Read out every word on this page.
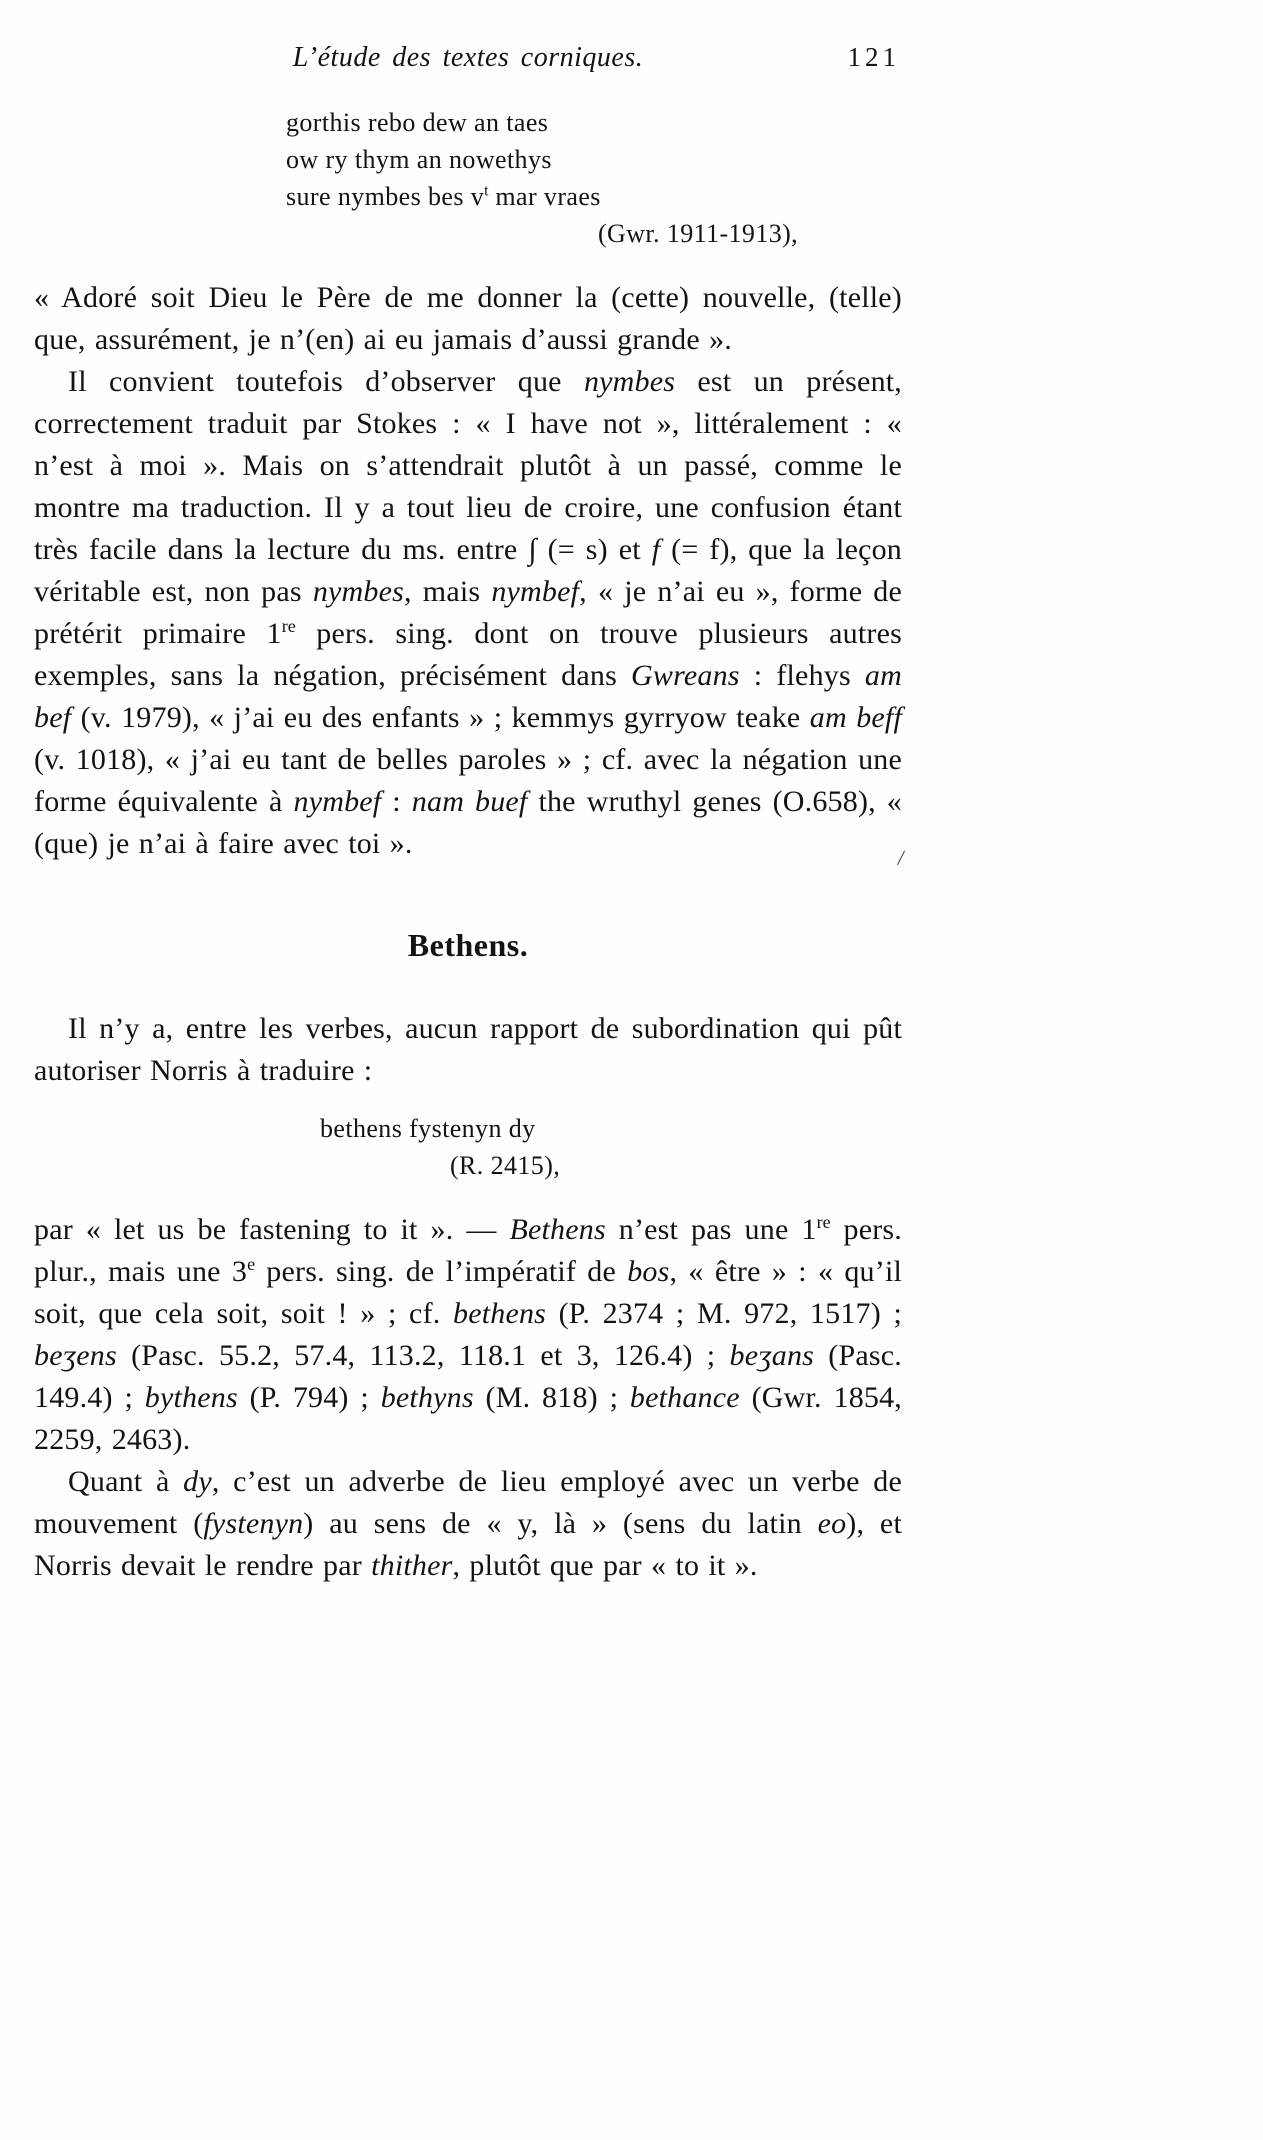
L’étude des textes corniques.	121
gorthis rebo dew an taes
ow ry thym an nowethys
sure nymbes bes $v^t$ mar vraes
(Gwr. 1911-1913),

« Adoré soit Dieu le Père de me donner la (cette) nouvelle, (telle) que, assurément, je n’(en) ai eu jamais d’aussi grande ».

Il convient toutefois d’observer que nymbes est un présent, correctement traduit par Stokes : « I have not », littéralement : « n’est à moi ». Mais on s’attendrait plutôt à un passé, comme le montre ma traduction. Il y a tout lieu de croire, une confusion étant très facile dans la lecture du ms. entre ∫ (= s) et f (= f), que la leçon véritable est, non pas nymbes, mais nymbef, « je n’ai eu », forme de prétérit primaire 1re pers. sing. dont on trouve plusieurs autres exemples, sans la négation, précisément dans Gwreans : flehys am bef (v. 1979), « j’ai eu des enfants » ; kemmys gyrryow teake am beff (v. 1018), « j’ai eu tant de belles paroles » ; cf. avec la négation une forme équivalente à nymbef : nam buef the wruthyl genes (O.658), « (que) je n’ai à faire avec toi ».

Bethens.

Il n’y a, entre les verbes, aucun rapport de subordination qui pût autoriser Norris à traduire :

bethens fystenyn dy
(R. 2415),

par « let us be fastening to it ». — Bethens n’est pas une 1re pers. plur., mais une 3e pers. sing. de l’impératif de bos, « être » : « qu’il soit, que cela soit, soit ! » ; cf. bethens (P. 2374 ; M. 972, 1517) ; beʒens (Pasc. 55.2, 57.4, 113.2, 118.1 et 3, 126.4) ; beʒans (Pasc. 149.4) ; bythens (P. 794) ; bethyns (M. 818) ; bethance (Gwr. 1854, 2259, 2463).

Quant à dy, c’est un adverbe de lieu employé avec un verbe de mouvement (fystenyn) au sens de « y, là » (sens du latin eo), et Norris devait le rendre par thither, plutôt que par « to it ».

/
